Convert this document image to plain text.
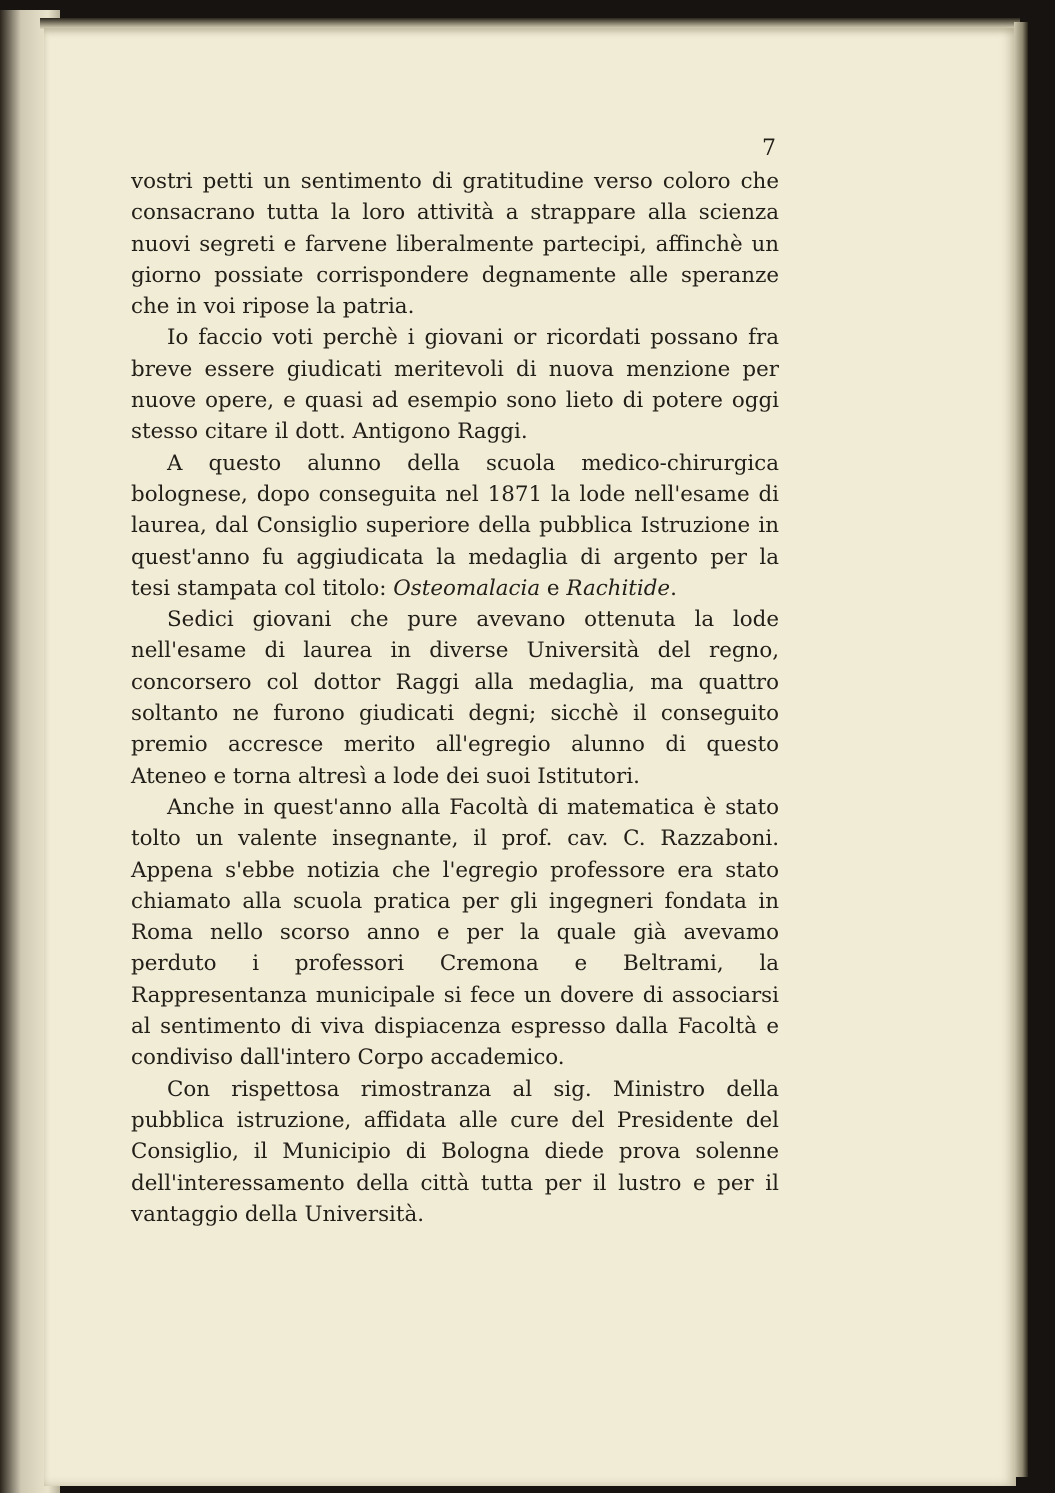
7

vostri petti un sentimento di gratitudine verso coloro che consacrano tutta la loro attività a strappare alla scienza nuovi segreti e farvene liberalmente partecipi, affinchè un giorno possiate corrispondere degnamente alle speranze che in voi ripose la patria.

Io faccio voti perchè i giovani or ricordati possano fra breve essere giudicati meritevoli di nuova menzione per nuove opere, e quasi ad esempio sono lieto di potere oggi stesso citare il dott. Antigono Raggi.

A questo alunno della scuola medico-chirurgica bolognese, dopo conseguita nel 1871 la lode nell'esame di laurea, dal Consiglio superiore della pubblica Istruzione in quest'anno fu aggiudicata la medaglia di argento per la tesi stampata col titolo: Osteomalacia e Rachitide.

Sedici giovani che pure avevano ottenuta la lode nell'esame di laurea in diverse Università del regno, concorsero col dottor Raggi alla medaglia, ma quattro soltanto ne furono giudicati degni; sicchè il conseguito premio accresce merito all'egregio alunno di questo Ateneo e torna altresì a lode dei suoi Istitutori.

Anche in quest'anno alla Facoltà di matematica è stato tolto un valente insegnante, il prof. cav. C. Razzaboni. Appena s'ebbe notizia che l'egregio professore era stato chiamato alla scuola pratica per gli ingegneri fondata in Roma nello scorso anno e per la quale già avevamo perduto i professori Cremona e Beltrami, la Rappresentanza municipale si fece un dovere di associarsi al sentimento di viva dispiacenza espresso dalla Facoltà e condiviso dall'intero Corpo accademico.

Con rispettosa rimostranza al sig. Ministro della pubblica istruzione, affidata alle cure del Presidente del Consiglio, il Municipio di Bologna diede prova solenne dell'interessamento della città tutta per il lustro e per il vantaggio della Università.
